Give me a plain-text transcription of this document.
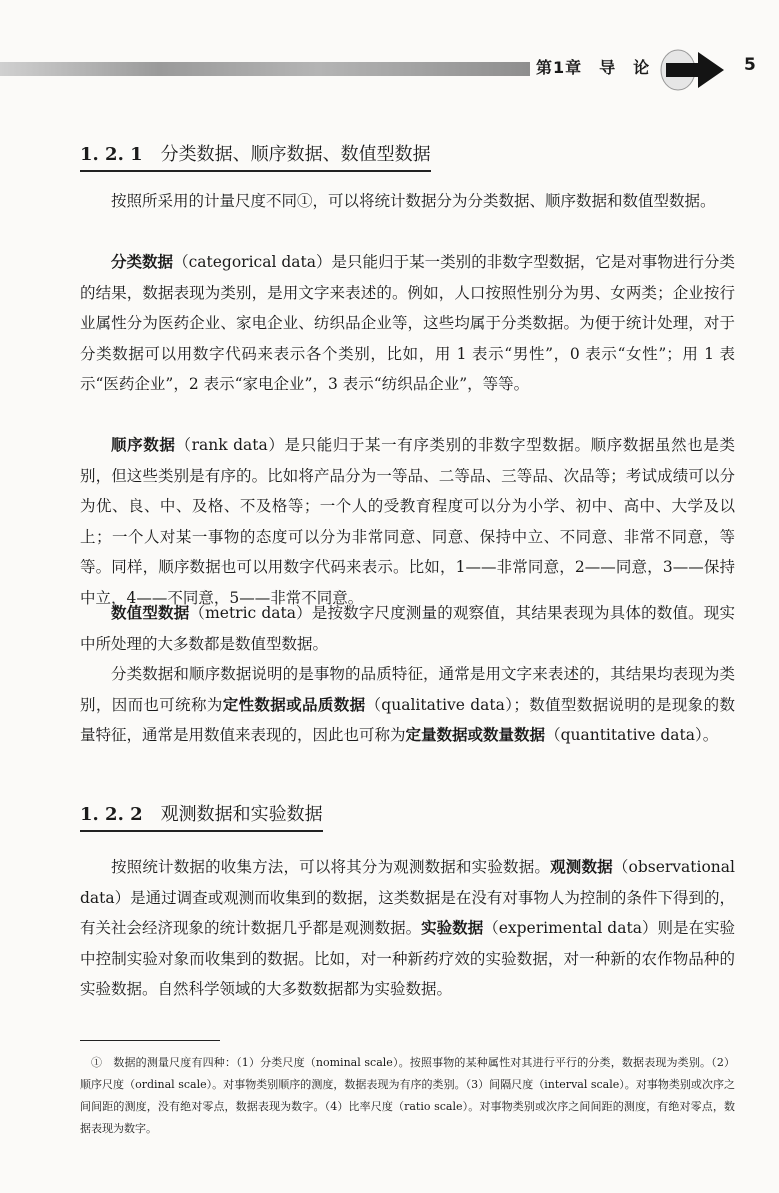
第1章　导　论	5
1. 2. 1 分类数据、顺序数据、数值型数据

按照所采用的计量尺度不同①，可以将统计数据分为分类数据、顺序数据和数值型数据。

分类数据（categorical data）是只能归于某一类别的非数字型数据，它是对事物进行分类的结果，数据表现为类别，是用文字来表述的。例如，人口按照性别分为男、女两类；企业按行业属性分为医药企业、家电企业、纺织品企业等，这些均属于分类数据。为便于统计处理，对于分类数据可以用数字代码来表示各个类别，比如，用 1 表示“男性”，0 表示“女性”；用 1 表示“医药企业”，2 表示“家电企业”，3 表示“纺织品企业”，等等。

顺序数据（rank data）是只能归于某一有序类别的非数字型数据。顺序数据虽然也是类别，但这些类别是有序的。比如将产品分为一等品、二等品、三等品、次品等；考试成绩可以分为优、良、中、及格、不及格等；一个人的受教育程度可以分为小学、初中、高中、大学及以上；一个人对某一事物的态度可以分为非常同意、同意、保持中立、不同意、非常不同意，等等。同样，顺序数据也可以用数字代码来表示。比如，1——非常同意，2——同意，3——保持中立，4——不同意，5——非常不同意。

数值型数据（metric data）是按数字尺度测量的观察值，其结果表现为具体的数值。现实中所处理的大多数都是数值型数据。

分类数据和顺序数据说明的是事物的品质特征，通常是用文字来表述的，其结果均表现为类别，因而也可统称为定性数据或品质数据（qualitative data）；数值型数据说明的是现象的数量特征，通常是用数值来表现的，因此也可称为定量数据或数量数据（quantitative data）。

1. 2. 2 观测数据和实验数据

按照统计数据的收集方法，可以将其分为观测数据和实验数据。观测数据（observational data）是通过调查或观测而收集到的数据，这类数据是在没有对事物人为控制的条件下得到的，有关社会经济现象的统计数据几乎都是观测数据。实验数据（experimental data）则是在实验中控制实验对象而收集到的数据。比如，对一种新药疗效的实验数据，对一种新的农作物品种的实验数据。自然科学领域的大多数数据都为实验数据。

①　数据的测量尺度有四种：（1）分类尺度（nominal scale）。按照事物的某种属性对其进行平行的分类，数据表现为类别。（2）顺序尺度（ordinal scale）。对事物类别顺序的测度，数据表现为有序的类别。（3）间隔尺度（interval scale）。对事物类别或次序之间间距的测度，没有绝对零点，数据表现为数字。（4）比率尺度（ratio scale）。对事物类别或次序之间间距的测度，有绝对零点，数据表现为数字。
